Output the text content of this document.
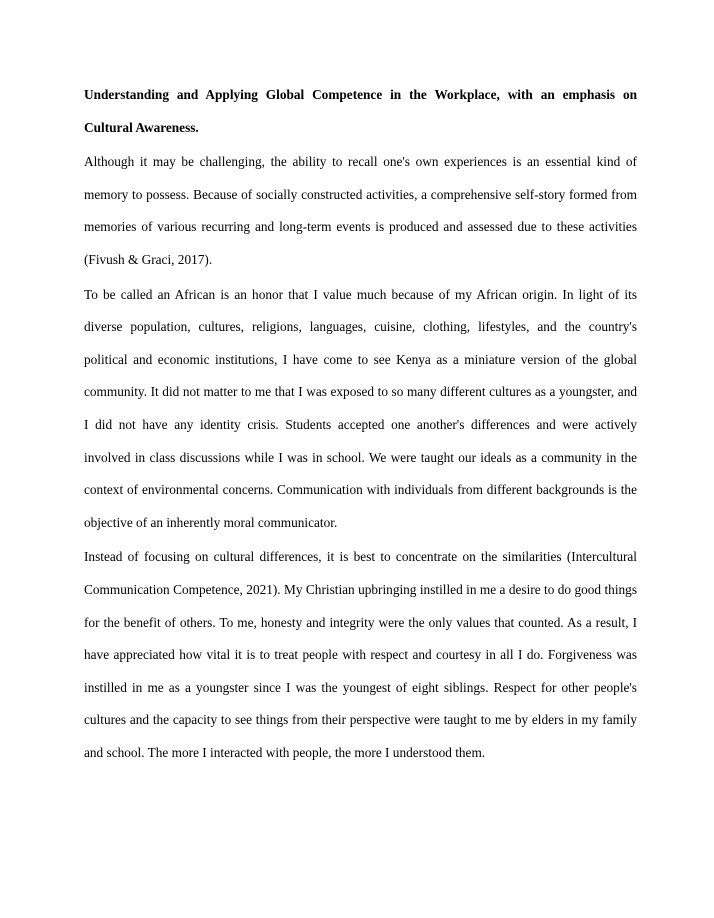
Understanding and Applying Global Competence in the Workplace, with an emphasis on Cultural Awareness.

Although it may be challenging, the ability to recall one's own experiences is an essential kind of memory to possess. Because of socially constructed activities, a comprehensive self-story formed from memories of various recurring and long-term events is produced and assessed due to these activities (Fivush & Graci, 2017).

To be called an African is an honor that I value much because of my African origin. In light of its diverse population, cultures, religions, languages, cuisine, clothing, lifestyles, and the country's political and economic institutions, I have come to see Kenya as a miniature version of the global community. It did not matter to me that I was exposed to so many different cultures as a youngster, and I did not have any identity crisis. Students accepted one another's differences and were actively involved in class discussions while I was in school. We were taught our ideals as a community in the context of environmental concerns. Communication with individuals from different backgrounds is the objective of an inherently moral communicator.

Instead of focusing on cultural differences, it is best to concentrate on the similarities (Intercultural Communication Competence, 2021). My Christian upbringing instilled in me a desire to do good things for the benefit of others. To me, honesty and integrity were the only values that counted. As a result, I have appreciated how vital it is to treat people with respect and courtesy in all I do. Forgiveness was instilled in me as a youngster since I was the youngest of eight siblings. Respect for other people's cultures and the capacity to see things from their perspective were taught to me by elders in my family and school. The more I interacted with people, the more I understood them.
